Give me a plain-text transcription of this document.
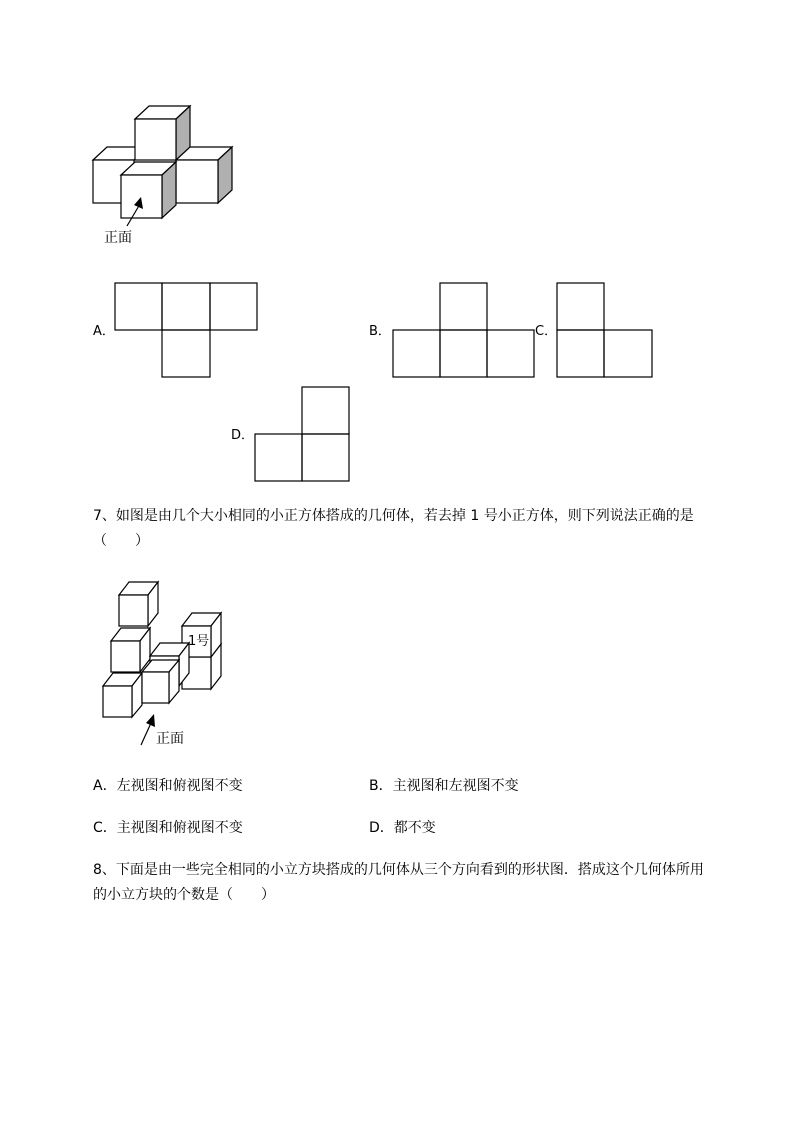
正面
A．	B．	C．
D．
7、如图是由几个大小相同的小正方体搭成的几何体，若去掉 1 号小正方体，则下列说法正确的是
（　　）
1号
正面
A．左视图和俯视图不变	B．主视图和左视图不变
C．主视图和俯视图不变	D．都不变
8、下面是由一些完全相同的小立方块搭成的几何体从三个方向看到的形状图．搭成这个几何体所用
的小立方块的个数是（　　）
